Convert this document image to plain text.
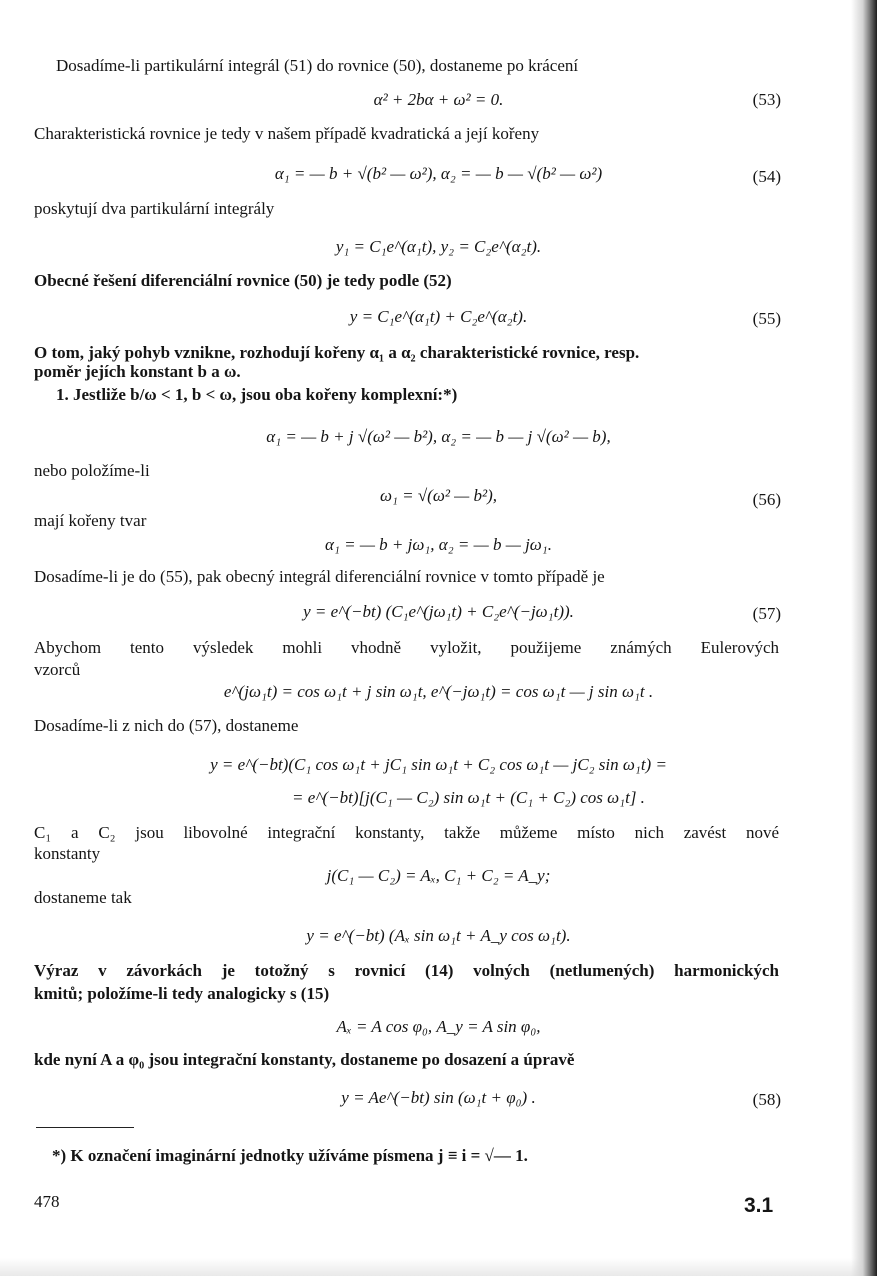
Dosadíme-li partikulární integrál (51) do rovnice (50), dostaneme po krácení
α² + 2bα + ω² = 0.	(53)
Charakteristická rovnice je tedy v našem případě kvadratická a její kořeny
α₁ = — b + √(b² — ω²), α₂ = — b — √(b² — ω²)	(54)
poskytují dva partikulární integrály
y₁ = C₁e^(α₁t), y₂ = C₂e^(α₂t).
Obecné řešení diferenciální rovnice (50) je tedy podle (52)
y = C₁e^(α₁t) + C₂e^(α₂t).	(55)
O tom, jaký pohyb vznikne, rozhodují kořeny α₁ a α₂ charakteristické rovnice, resp.
poměr jejích konstant b a ω.
1. Jestliže b/ω < 1, b < ω, jsou oba kořeny komplexní:*)
α₁ = — b + j √(ω² — b²), α₂ = — b — j √(ω² — b),
nebo položíme-li
ω₁ = √(ω² — b²),	(56)
mají kořeny tvar
α₁ = — b + jω₁, α₂ = — b — jω₁.
Dosadíme-li je do (55), pak obecný integrál diferenciální rovnice v tomto případě je
y = e^(−bt) (C₁e^(jω₁t) + C₂e^(−jω₁t)).	(57)
Abychom tento výsledek mohli vhodně vyložit, použijeme známých Eulerových
vzorců
e^(jω₁t) = cos ω₁t + j sin ω₁t, e^(−jω₁t) = cos ω₁t — j sin ω₁t .
Dosadíme-li z nich do (57), dostaneme
y = e^(−bt)(C₁ cos ω₁t + jC₁ sin ω₁t + C₂ cos ω₁t — jC₂ sin ω₁t) =
= e^(−bt)[j(C₁ — C₂) sin ω₁t + (C₁ + C₂) cos ω₁t] .
C₁ a C₂ jsou libovolné integrační konstanty, takže můžeme místo nich zavést nové
konstanty
j(C₁ — C₂) = Aₓ, C₁ + C₂ = A_y;
dostaneme tak
y = e^(−bt) (Aₓ sin ω₁t + A_y cos ω₁t).
Výraz v závorkách je totožný s rovnicí (14) volných (netlumených) harmonických
kmitů; položíme-li tedy analogicky s (15)
Aₓ = A cos φ₀, A_y = A sin φ₀,
kde nyní A a φ₀ jsou integrační konstanty, dostaneme po dosazení a úpravě
y = Ae^(−bt) sin (ω₁t + φ₀) .	(58)
*) K označení imaginární jednotky užíváme písmena j ≡ i = √— 1.
478	3.1
